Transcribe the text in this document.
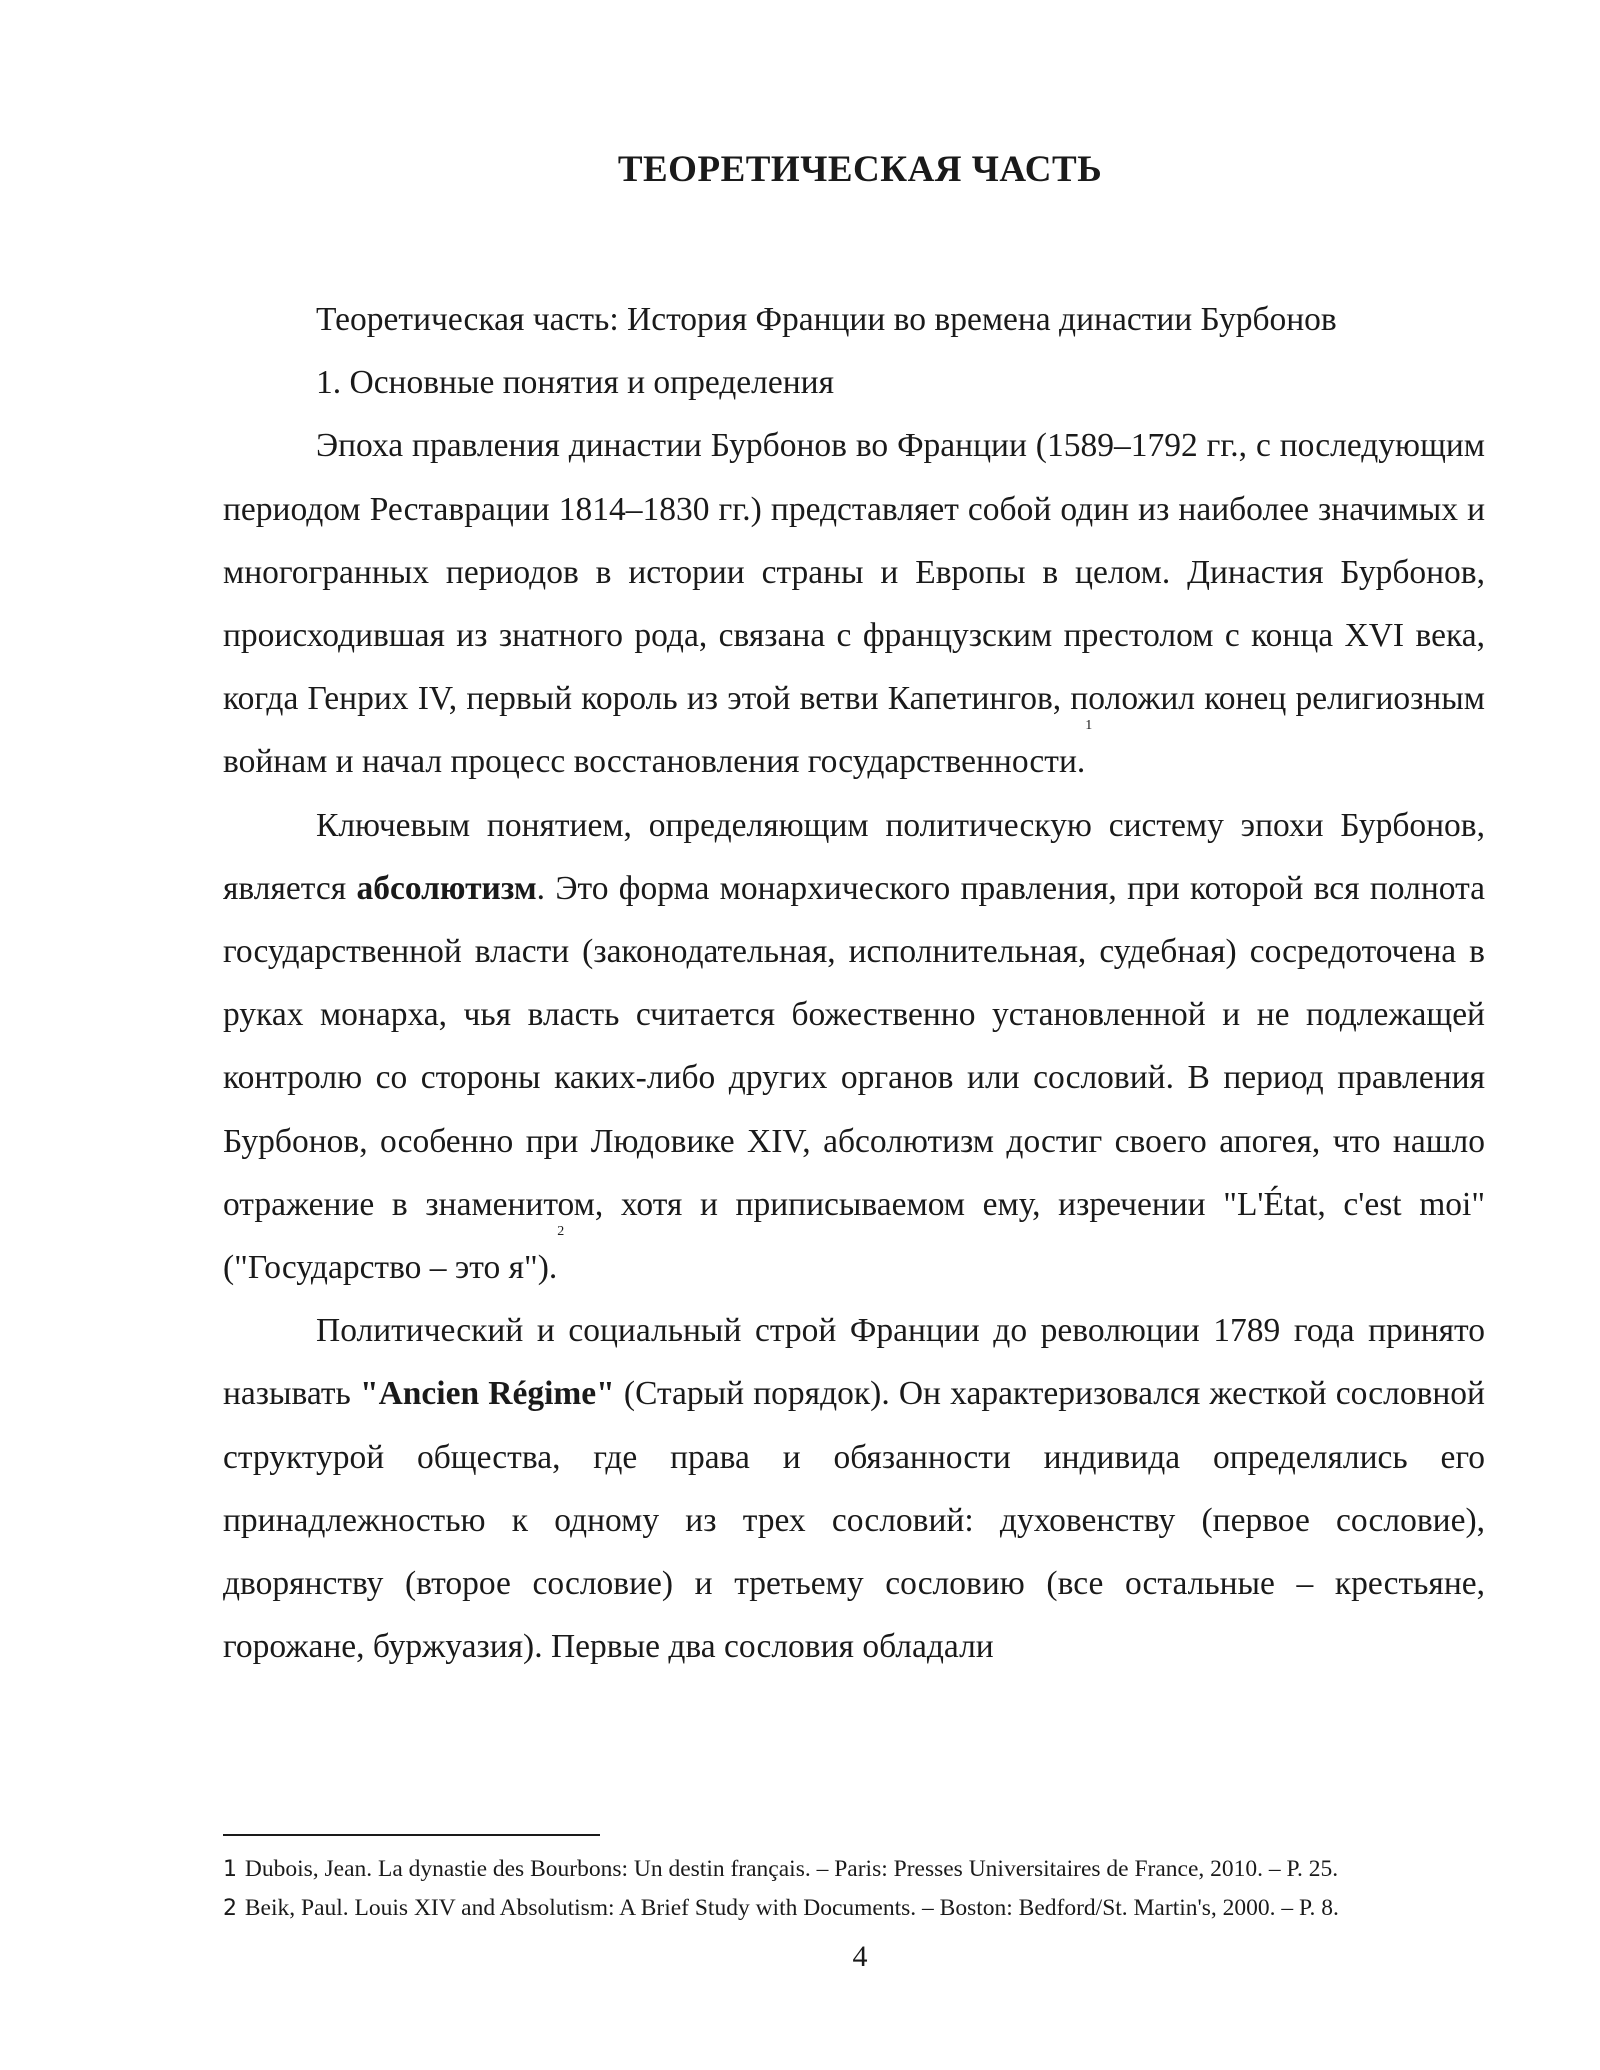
ТЕОРЕТИЧЕСКАЯ ЧАСТЬ

Теоретическая часть: История Франции во времена династии Бурбонов

1. Основные понятия и определения

Эпоха правления династии Бурбонов во Франции (1589–1792 гг., с последующим периодом Реставрации 1814–1830 гг.) представляет собой один из наиболее значимых и многогранных периодов в истории страны и Европы в целом. Династия Бурбонов, происходившая из знатного рода, связана с французским престолом с конца XVI века, когда Генрих IV, первый король из этой ветви Капетингов, положил конец религиозным войнам и начал процесс восстановления государственности.$^1$

Ключевым понятием, определяющим политическую систему эпохи Бурбонов, является абсолютизм. Это форма монархического правления, при которой вся полнота государственной власти (законодательная, исполнительная, судебная) сосредоточена в руках монарха, чья власть считается божественно установленной и не подлежащей контролю со стороны каких-либо других органов или сословий. В период правления Бурбонов, особенно при Людовике XIV, абсолютизм достиг своего апогея, что нашло отражение в знаменитом, хотя и приписываемом ему, изречении "L'État, c'est moi" ("Государство – это я").$^2$

Политический и социальный строй Франции до революции 1789 года принято называть "Ancien Régime" (Старый порядок). Он характеризовался жесткой сословной структурой общества, где права и обязанности индивида определялись его принадлежностью к одному из трех сословий: духовенству (первое сословие), дворянству (второе сословие) и третьему сословию (все остальные – крестьяне, горожане, буржуазия). Первые два сословия обладали

1 Dubois, Jean. La dynastie des Bourbons: Un destin français. – Paris: Presses Universitaires de France, 2010. – P. 25.
2 Beik, Paul. Louis XIV and Absolutism: A Brief Study with Documents. – Boston: Bedford/St. Martin's, 2000. – P. 8.
4
